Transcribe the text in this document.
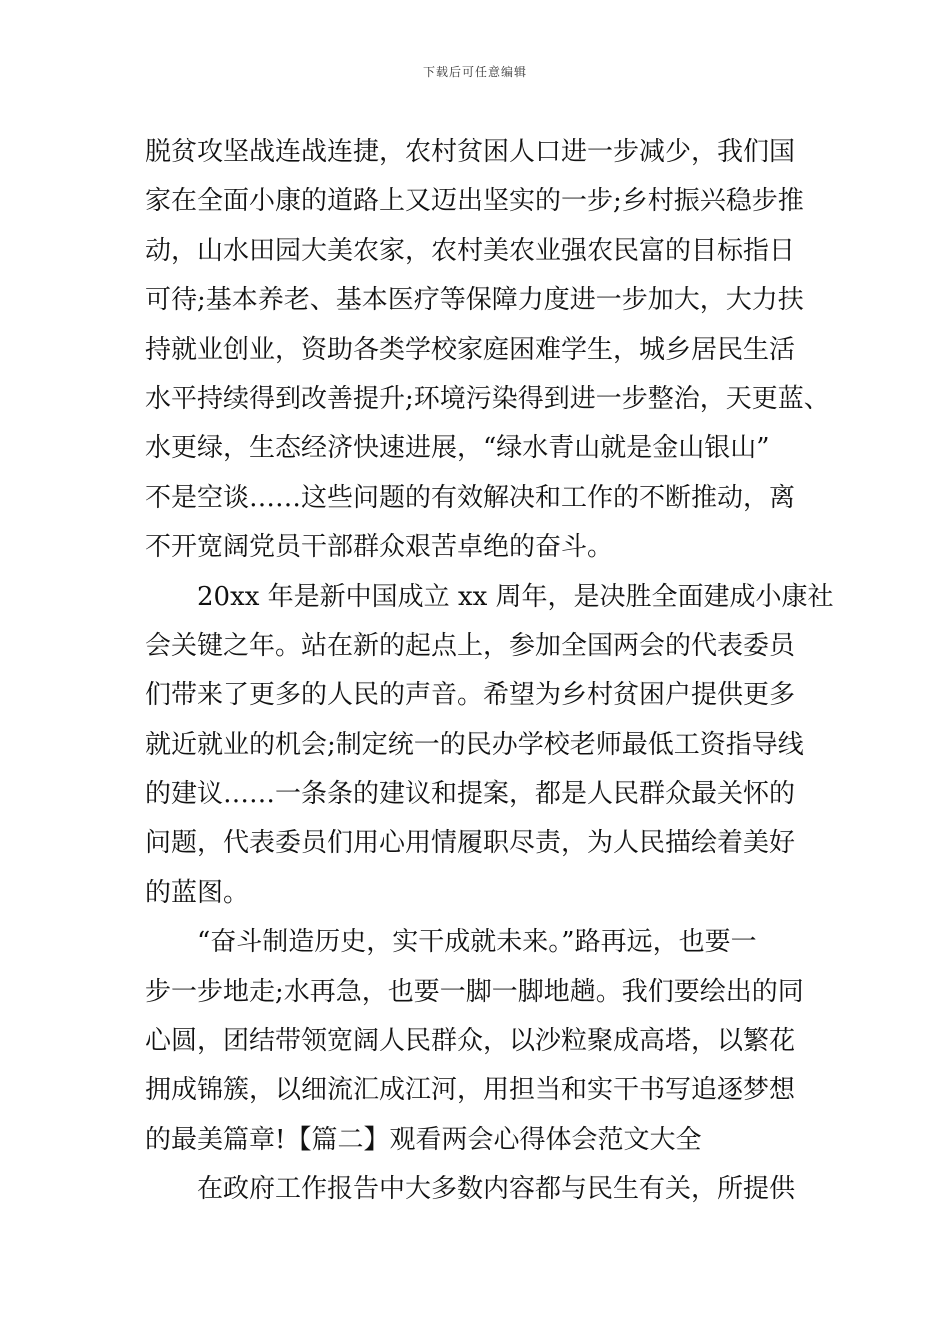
下载后可任意编辑
脱贫攻坚战连战连捷，农村贫困人口进一步减少，我们国
家在全面小康的道路上又迈出坚实的一步;乡村振兴稳步推
动，山水田园大美农家，农村美农业强农民富的目标指日
可待;基本养老、基本医疗等保障力度进一步加大，大力扶
持就业创业，资助各类学校家庭困难学生，城乡居民生活
水平持续得到改善提升;环境污染得到进一步整治，天更蓝、
水更绿，生态经济快速进展，“绿水青山就是金山银山”
不是空谈……这些问题的有效解决和工作的不断推动，离
不开宽阔党员干部群众艰苦卓绝的奋斗。
20xx 年是新中国成立 xx 周年，是决胜全面建成小康社
会关键之年。站在新的起点上，参加全国两会的代表委员
们带来了更多的人民的声音。希望为乡村贫困户提供更多
就近就业的机会;制定统一的民办学校老师最低工资指导线
的建议……一条条的建议和提案，都是人民群众最关怀的
问题，代表委员们用心用情履职尽责，为人民描绘着美好
的蓝图。
“奋斗制造历史，实干成就未来。”路再远，也要一
步一步地走;水再急，也要一脚一脚地趟。我们要绘出的同
心圆，团结带领宽阔人民群众，以沙粒聚成高塔，以繁花
拥成锦簇，以细流汇成江河，用担当和实干书写追逐梦想
的最美篇章!【篇二】观看两会心得体会范文大全
在政府工作报告中大多数内容都与民生有关，所提供
